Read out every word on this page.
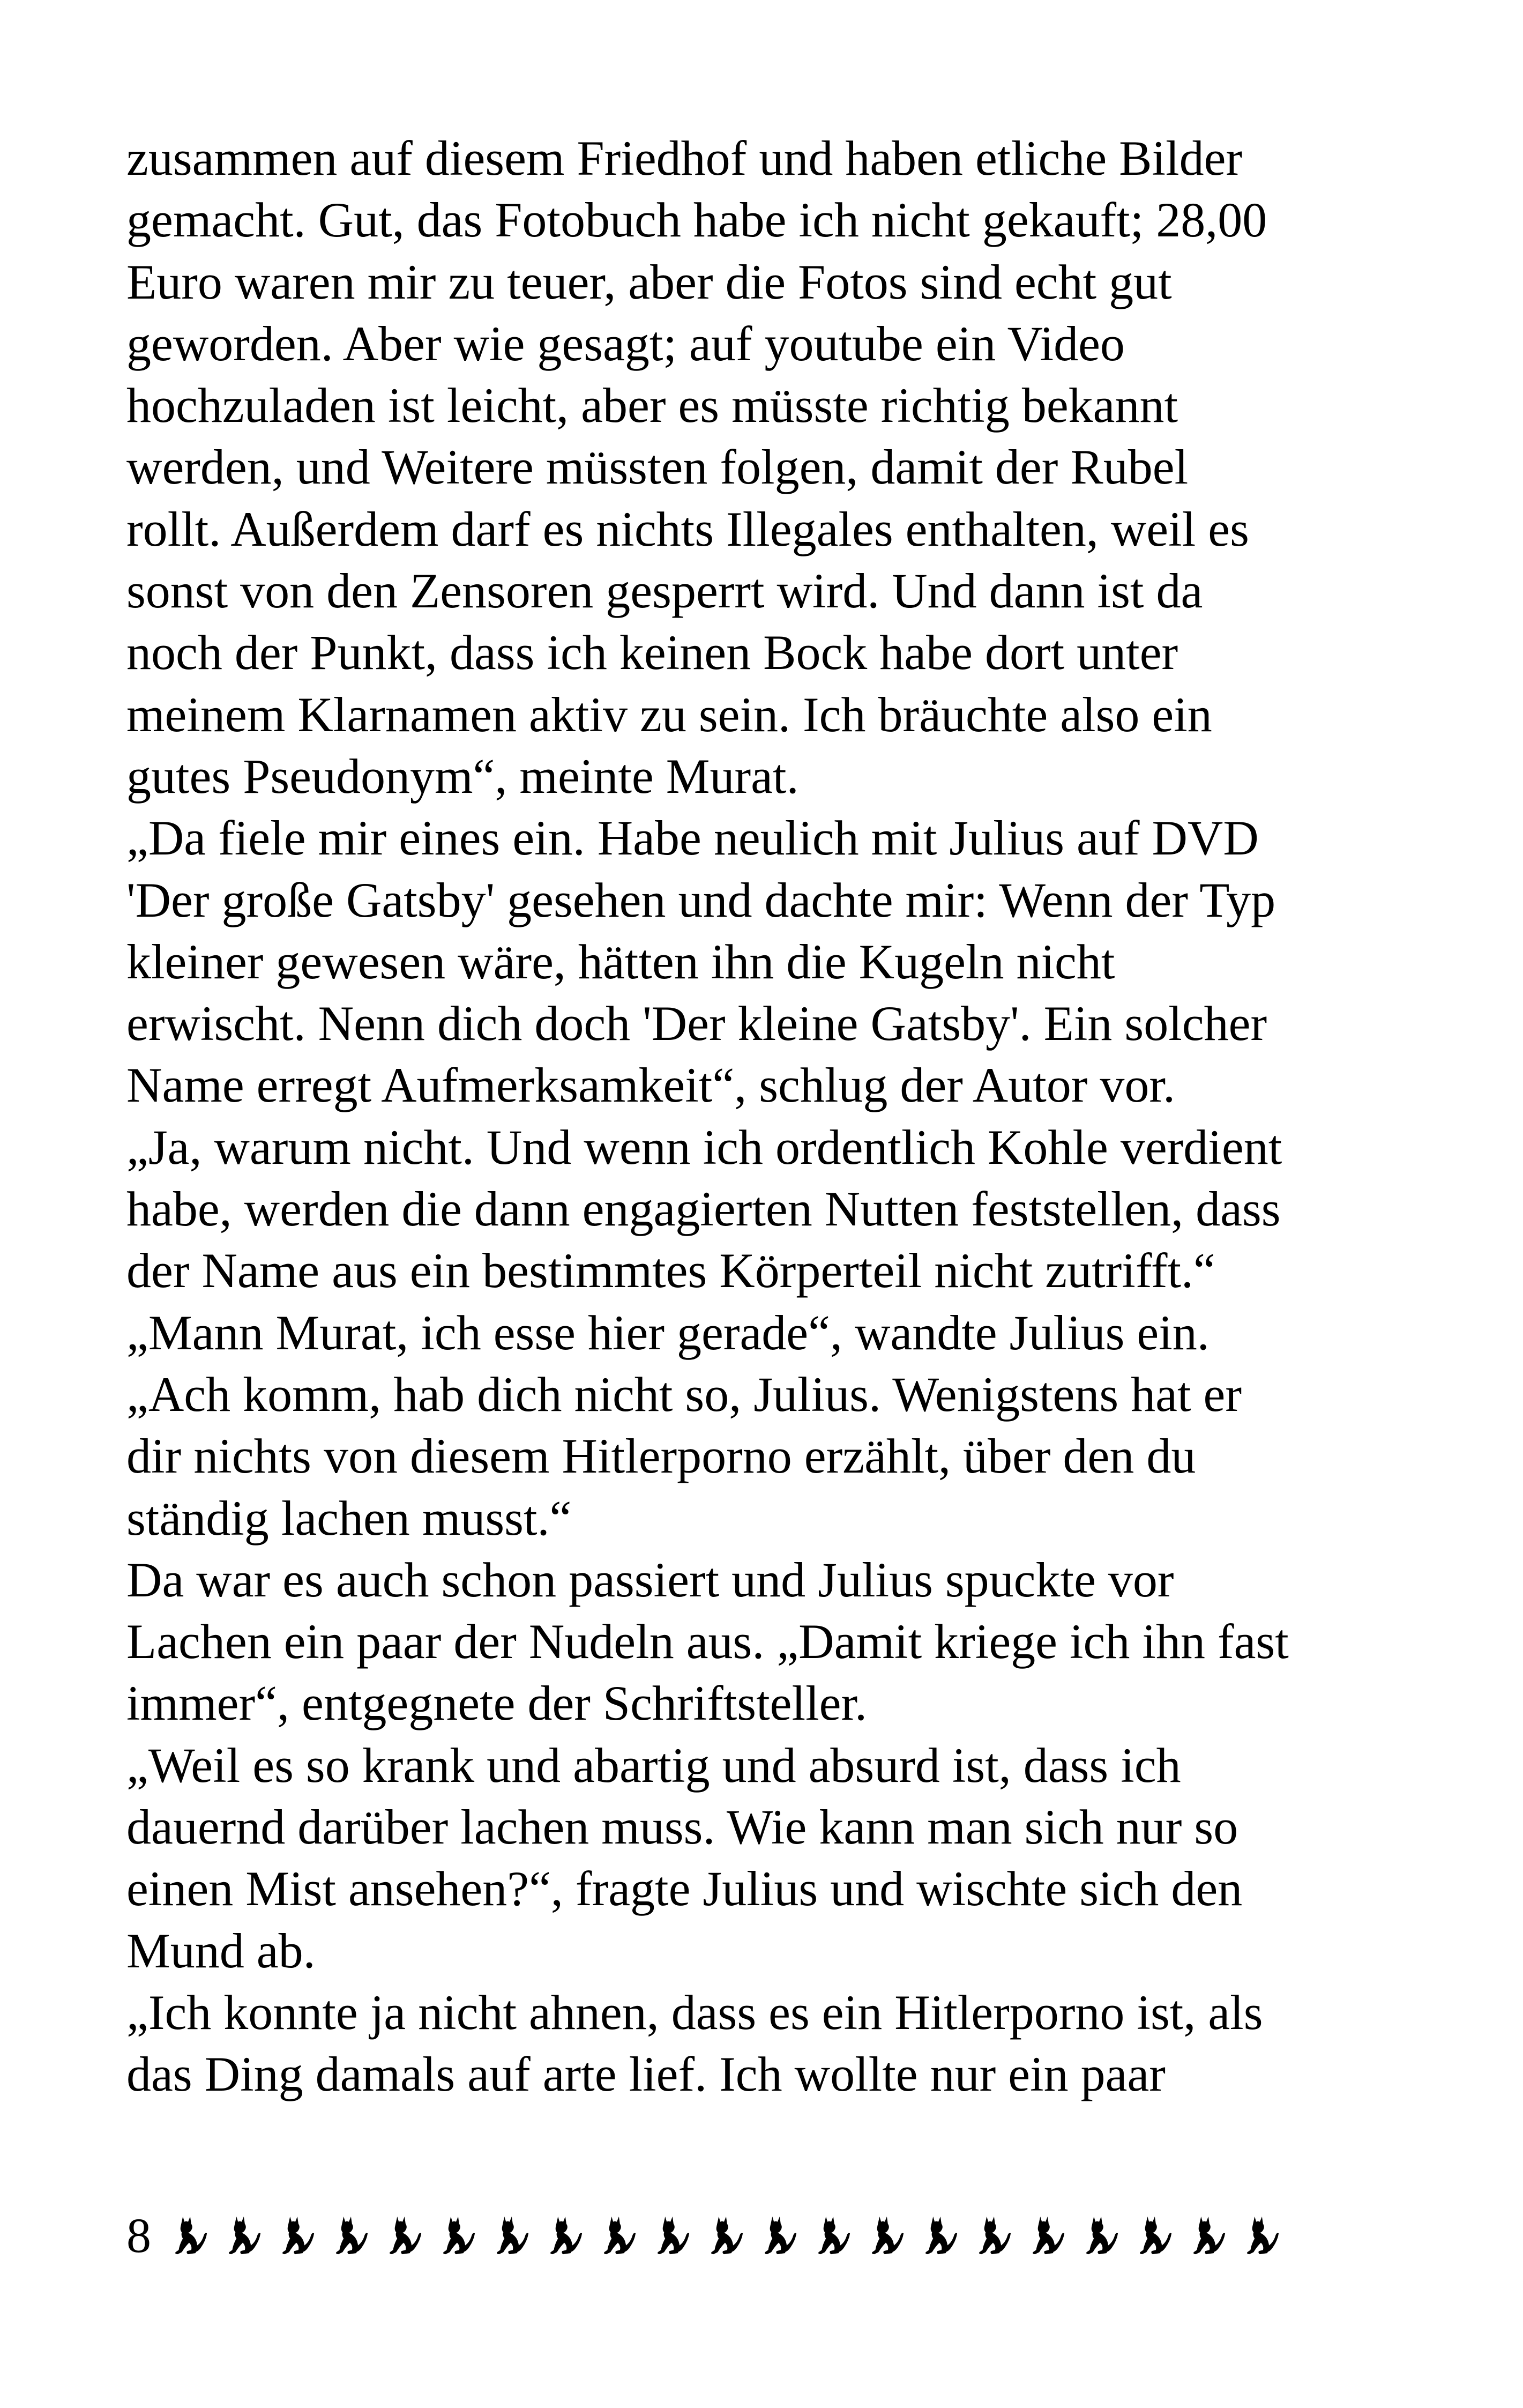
zusammen auf diesem Friedhof und haben etliche Bilder
gemacht. Gut, das Fotobuch habe ich nicht gekauft; 28,00
Euro waren mir zu teuer, aber die Fotos sind echt gut
geworden. Aber wie gesagt; auf youtube ein Video
hochzuladen ist leicht, aber es müsste richtig bekannt
werden, und Weitere müssten folgen, damit der Rubel
rollt. Außerdem darf es nichts Illegales enthalten, weil es
sonst von den Zensoren gesperrt wird. Und dann ist da
noch der Punkt, dass ich keinen Bock habe dort unter
meinem Klarnamen aktiv zu sein. Ich bräuchte also ein
gutes Pseudonym“, meinte Murat.
„Da fiele mir eines ein. Habe neulich mit Julius auf DVD
'Der große Gatsby' gesehen und dachte mir: Wenn der Typ
kleiner gewesen wäre, hätten ihn die Kugeln nicht
erwischt. Nenn dich doch 'Der kleine Gatsby'. Ein solcher
Name erregt Aufmerksamkeit“, schlug der Autor vor.
„Ja, warum nicht. Und wenn ich ordentlich Kohle verdient
habe, werden die dann engagierten Nutten feststellen, dass
der Name aus ein bestimmtes Körperteil nicht zutrifft.“
„Mann Murat, ich esse hier gerade“, wandte Julius ein.
„Ach komm, hab dich nicht so, Julius. Wenigstens hat er
dir nichts von diesem Hitlerporno erzählt, über den du
ständig lachen musst.“
Da war es auch schon passiert und Julius spuckte vor
Lachen ein paar der Nudeln aus. „Damit kriege ich ihn fast
immer“, entgegnete der Schriftsteller.
„Weil es so krank und abartig und absurd ist, dass ich
dauernd darüber lachen muss. Wie kann man sich nur so
einen Mist ansehen?“, fragte Julius und wischte sich den
Mund ab.
„Ich konnte ja nicht ahnen, dass es ein Hitlerporno ist, als
das Ding damals auf arte lief. Ich wollte nur ein paar
8
